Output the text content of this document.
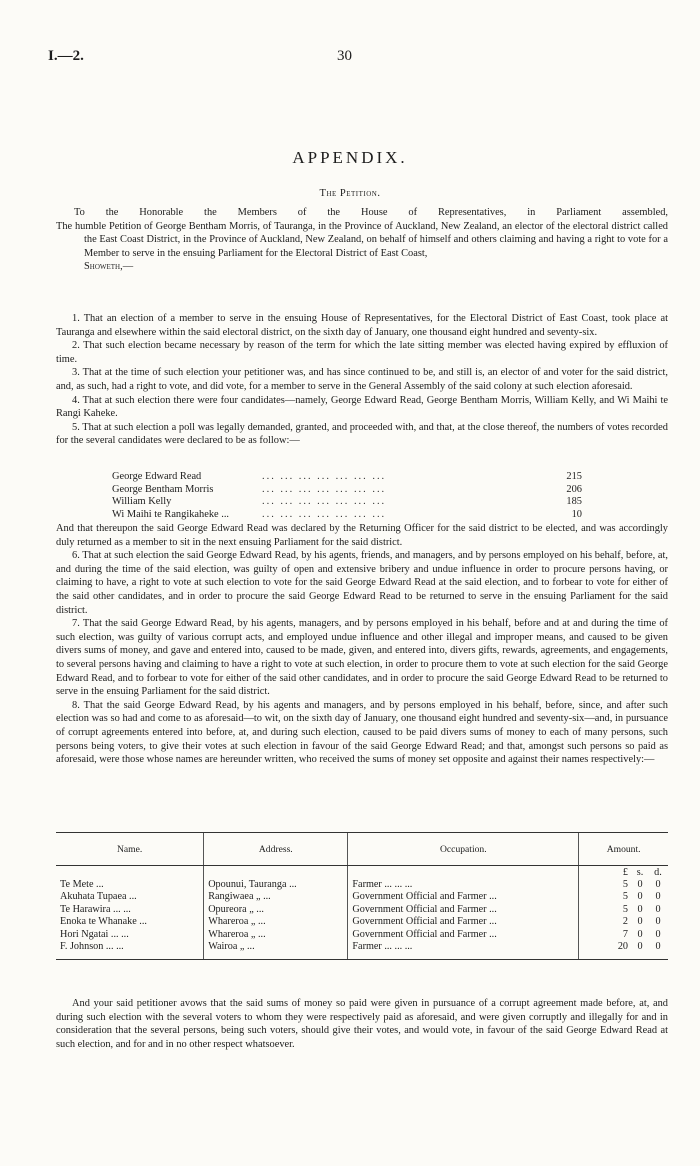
I.—2.	30
APPENDIX.
The Petition.
To the Honorable the Members of the House of Representatives, in Parliament assembled,
The humble Petition of George Bentham Morris, of Tauranga, in the Province of Auckland, New Zealand, an elector of the electoral district called the East Coast District, in the Province of Auckland, New Zealand, on behalf of himself and others claiming and having a right to vote for a Member to serve in the ensuing Parliament for the Electoral District of East Coast,
Showeth,—

1. That an election of a member to serve in the ensuing House of Representatives, for the Electoral District of East Coast, took place at Tauranga and elsewhere within the said electoral district, on the sixth day of January, one thousand eight hundred and seventy-six.

2. That such election became necessary by reason of the term for which the late sitting member was elected having expired by effluxion of time.

3. That at the time of such election your petitioner was, and has since continued to be, and still is, an elector of and voter for the said district, and, as such, had a right to vote, and did vote, for a member to serve in the General Assembly of the said colony at such election aforesaid.

4. That at such election there were four candidates—namely, George Edward Read, George Bentham Morris, William Kelly, and Wi Maihi te Rangi Kaheke.

5. That at such election a poll was legally demanded, granted, and proceeded with, and that, at the close thereof, the numbers of votes recorded for the several candidates were declared to be as follow:—

George Edward Read	... ... ... ... ... ... ...	215
George Bentham Morris	... ... ... ... ... ... ...	206
William Kelly	... ... ... ... ... ... ...	185
Wi Maihi te Rangikaheke ...	... ... ... ... ... ... ...	10

And that thereupon the said George Edward Read was declared by the Returning Officer for the said district to be elected, and was accordingly duly returned as a member to sit in the next ensuing Parliament for the said district.

6. That at such election the said George Edward Read, by his agents, friends, and managers, and by persons employed on his behalf, before, at, and during the time of the said election, was guilty of open and extensive bribery and undue influence in order to procure persons having, or claiming to have, a right to vote at such election to vote for the said George Edward Read at the said election, and to forbear to vote for either of the said other candidates, and in order to procure the said George Edward Read to be returned to serve in the ensuing Parliament for the said district.

7. That the said George Edward Read, by his agents, managers, and by persons employed in his behalf, before and at and during the time of such election, was guilty of various corrupt acts, and employed undue influence and other illegal and improper means, and caused to be given divers sums of money, and gave and entered into, caused to be made, given, and entered into, divers gifts, rewards, agreements, and engagements, to several persons having and claiming to have a right to vote at such election, in order to procure them to vote at such election for the said George Edward Read, and to forbear to vote for either of the said other candidates, and in order to procure the said George Edward Read to be returned to serve in the ensuing Parliament for the said district.

8. That the said George Edward Read, by his agents and managers, and by persons employed in his behalf, before, since, and after such election was so had and come to as aforesaid—to wit, on the sixth day of January, one thousand eight hundred and seventy-six—and, in pursuance of corrupt agreements entered into before, at, and during such election, caused to be paid divers sums of money to each of many persons, such persons being voters, to give their votes at such election in favour of the said George Edward Read; and that, amongst such persons so paid as aforesaid, were those whose names are hereunder written, who received the sums of money set opposite and against their names respectively:—

Name.	Address.	Occupation.	Amount.

			£ s. d.

Te Mete ...	Opounui, Tauranga ...	Farmer ... ... ...	5 0 0

Akuhata Tupaea ...	Rangiwaea „ ...	Government Official and Farmer ...	5 0 0

Te Harawira ... ...	Opureora „ ...	Government Official and Farmer ...	5 0 0

Enoka te Whanake ...	Whareroa „ ...	Government Official and Farmer ...	2 0 0

Hori Ngatai ... ...	Whareroa „ ...	Government Official and Farmer ...	7 0 0

F. Johnson ... ...	Wairoa „ ...	Farmer ... ... ...	20 0 0

And your said petitioner avows that the said sums of money so paid were given in pursuance of a corrupt agreement made before, at, and during such election with the several voters to whom they were respectively paid as aforesaid, and were given corruptly and illegally for and in consideration that the several persons, being such voters, should give their votes, and would vote, in favour of the said George Edward Read at such election, and for and in no other respect whatsoever.
